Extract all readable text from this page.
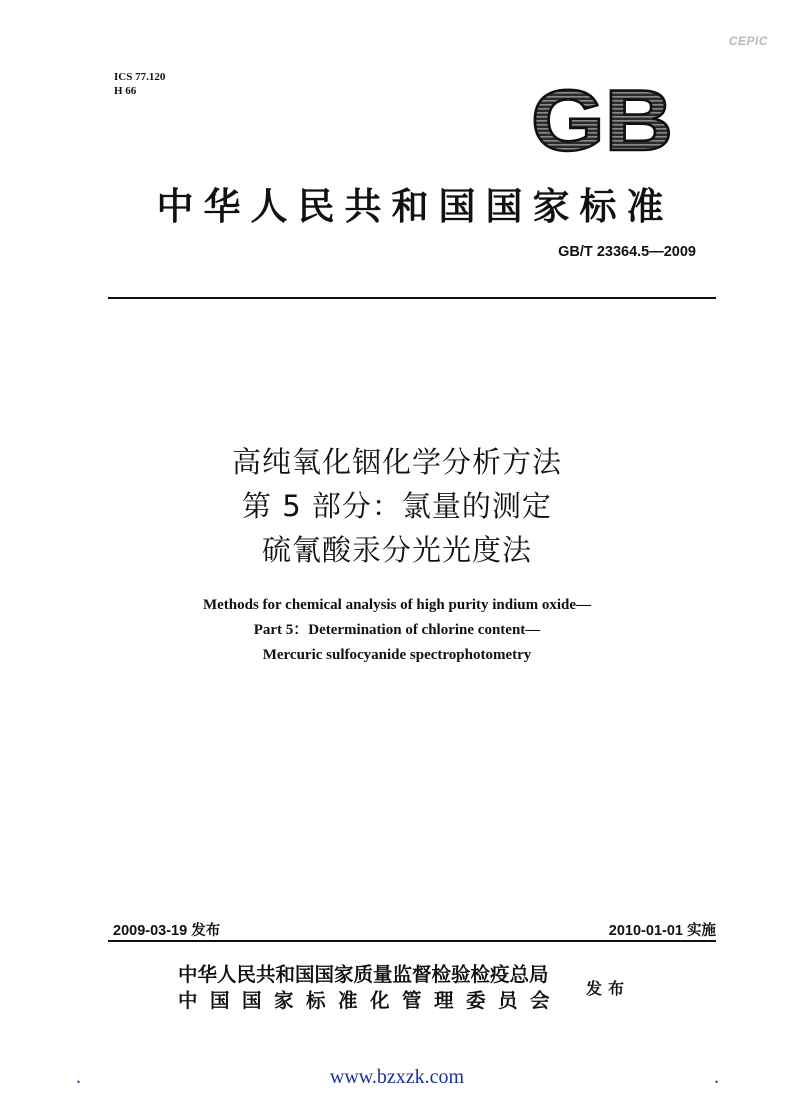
CEPIC
ICS 77.120
H 66	GB
中华人民共和国国家标准
GB/T 23364.5—2009
高纯氧化铟化学分析方法
第 5 部分：氯量的测定
硫氰酸汞分光光度法
Methods for chemical analysis of high purity indium oxide—
Part 5：Determination of chlorine content—
Mercuric sulfocyanide spectrophotometry
2009-03-19 发布	2010-01-01 实施
中华人民共和国国家质量监督检验检疫总局
中国国家标准化管理委员会
发布
.	www.bzxzk.com	.
